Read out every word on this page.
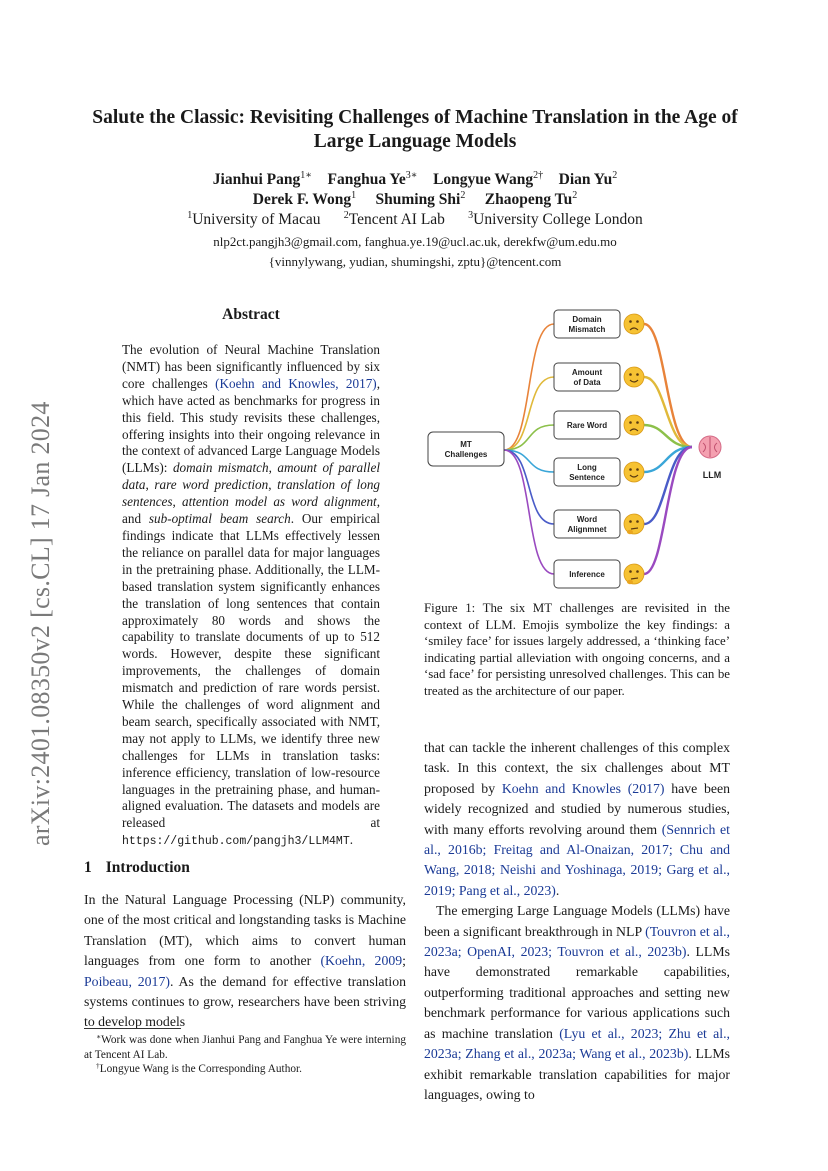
arXiv:2401.08350v2 [cs.CL] 17 Jan 2024
Salute the Classic: Revisiting Challenges of Machine Translation in the Age of Large Language Models
Jianhui Pang$^{1∗}$ Fanghua $Ye^{3∗}$ Longyue Wang$^{2\dagger}$ Dian Yu$^2$
Derek F. Wong$^1$ Shuming Shi$^2$ Zhaopeng Tu$^2$
$^1$University of Macau $^2$Tencent AI Lab $^3$University College London
nlp2ct.pangjh3@gmail.com, fanghua.ye.19@ucl.ac.uk, derekfw@um.edu.mo
{vinnylywang, yudian, shumingshi, zptu}@tencent.com
Abstract
The evolution of Neural Machine Translation (NMT) has been significantly influenced by six core challenges (Koehn and Knowles, 2017), which have acted as benchmarks for progress in this field. This study revisits these challenges, offering insights into their ongoing relevance in the context of advanced Large Language Models (LLMs): domain mismatch, amount of parallel data, rare word prediction, translation of long sentences, attention model as word alignment, and sub-optimal beam search. Our empirical findings indicate that LLMs effectively lessen the reliance on parallel data for major languages in the pretraining phase. Additionally, the LLM-based translation system significantly enhances the translation of long sentences that contain approximately 80 words and shows the capability to translate documents of up to 512 words. However, despite these significant improvements, the challenges of domain mismatch and prediction of rare words persist. While the challenges of word alignment and beam search, specifically associated with NMT, may not apply to LLMs, we identify three new challenges for LLMs in translation tasks: inference efficiency, translation of low-resource languages in the pretraining phase, and human-aligned evaluation. The datasets and models are released at https://github.com/pangjh3/LLM4MT.
1 Introduction
In the Natural Language Processing (NLP) community, one of the most critical and longstanding tasks is Machine Translation (MT), which aims to convert human languages from one form to another (Koehn, 2009; Poibeau, 2017). As the demand for effective translation systems continues to grow, researchers have been striving to develop models

∗Work was done when Jianhui Pang and Fanghua Ye were interning at Tencent AI Lab.

†Longyue Wang is the Corresponding Author.

MT Challenges
Domain Mismatch
Amount of Data
Rare Word
Long Sentence
Word Alignmnet
Inference
LLM
Figure 1: The six MT challenges are revisited in the context of LLM. Emojis symbolize the key findings: a ‘smiley face’ for issues largely addressed, a ‘thinking face’ indicating partial alleviation with ongoing concerns, and a ‘sad face’ for persisting unresolved challenges. This can be treated as the architecture of our paper.

that can tackle the inherent challenges of this complex task. In this context, the six challenges about MT proposed by Koehn and Knowles (2017) have been widely recognized and studied by numerous studies, with many efforts revolving around them (Sennrich et al., 2016b; Freitag and Al-Onaizan, 2017; Chu and Wang, 2018; Neishi and Yoshinaga, 2019; Garg et al., 2019; Pang et al., 2023).

The emerging Large Language Models (LLMs) have been a significant breakthrough in NLP (Touvron et al., 2023a; OpenAI, 2023; Touvron et al., 2023b). LLMs have demonstrated remarkable capabilities, outperforming traditional approaches and setting new benchmark performance for various applications such as machine translation (Lyu et al., 2023; Zhu et al., 2023a; Zhang et al., 2023a; Wang et al., 2023b). LLMs exhibit remarkable translation capabilities for major languages, owing to
